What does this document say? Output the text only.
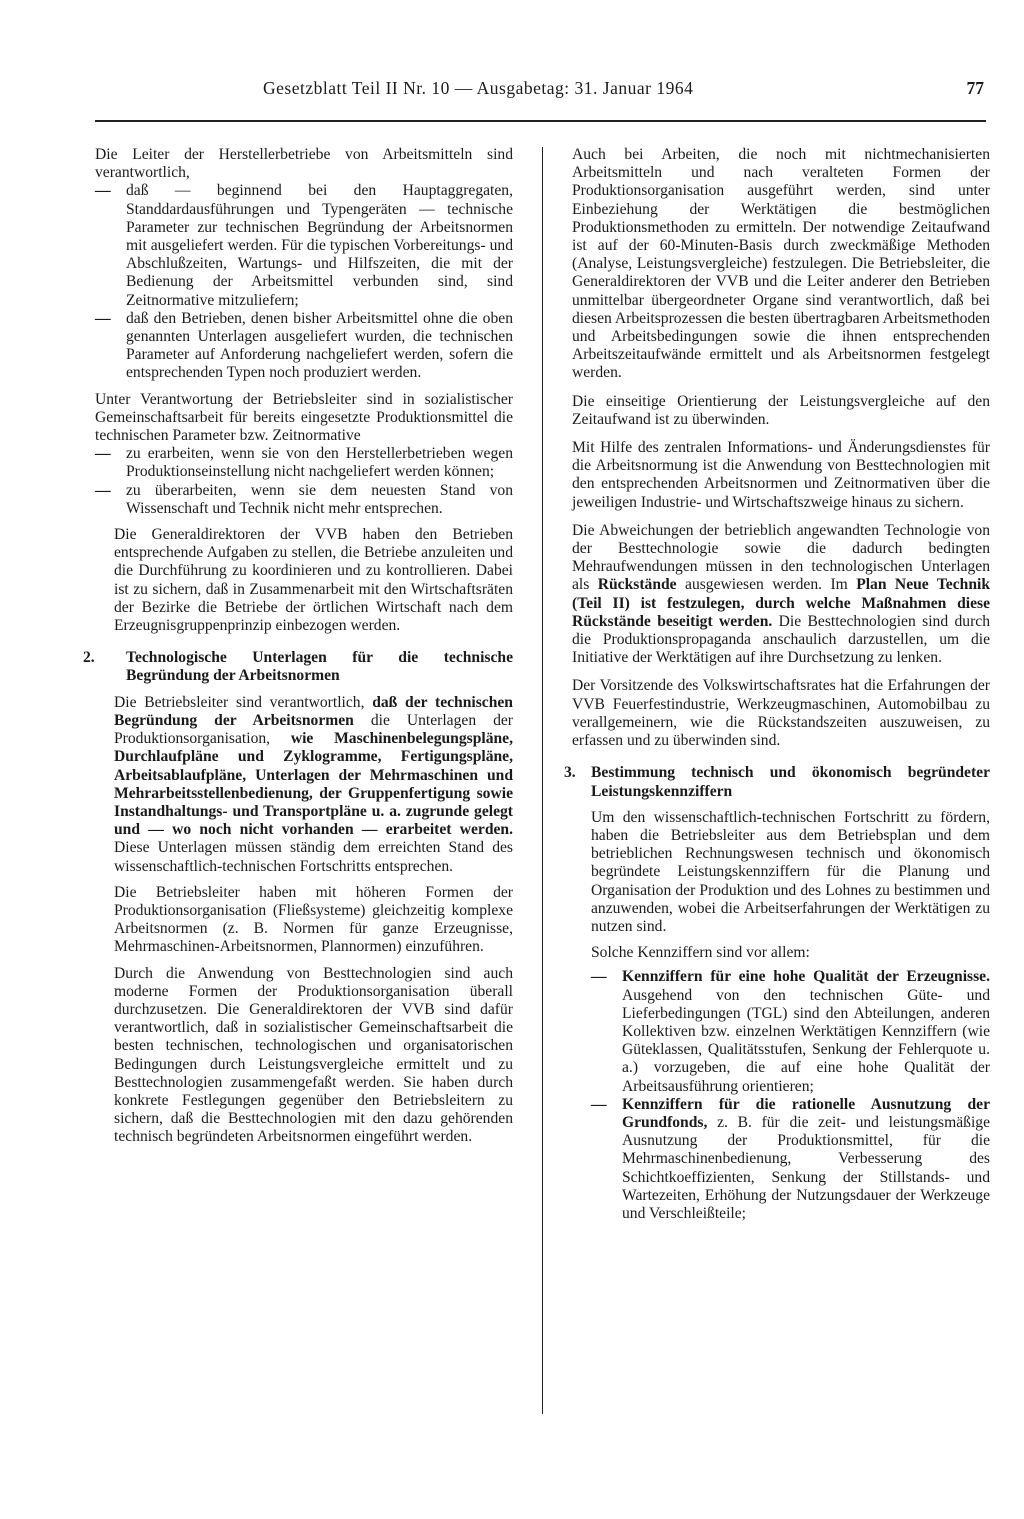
Gesetzblatt Teil II Nr. 10 — Ausgabetag: 31. Januar 1964	77

Die Leiter der Herstellerbetriebe von Arbeitsmitteln sind verantwortlich,

— daß — beginnend bei den Hauptaggregaten, Standdardausführungen und Typengeräten — technische Parameter zur technischen Begründung der Arbeitsnormen mit ausgeliefert werden. Für die typischen Vorbereitungs- und Abschlußzeiten, Wartungs- und Hilfszeiten, die mit der Bedienung der Arbeitsmittel verbunden sind, sind Zeitnormative mitzuliefern;
— daß den Betrieben, denen bisher Arbeitsmittel ohne die oben genannten Unterlagen ausgeliefert wurden, die technischen Parameter auf Anforderung nachgeliefert werden, sofern die entsprechenden Typen noch produziert werden.

Unter Verantwortung der Betriebsleiter sind in sozialistischer Gemeinschaftsarbeit für bereits eingesetzte Produktionsmittel die technischen Parameter bzw. Zeitnormative

— zu erarbeiten, wenn sie von den Herstellerbetrieben wegen Produktionseinstellung nicht nachgeliefert werden können;
— zu überarbeiten, wenn sie dem neuesten Stand von Wissenschaft und Technik nicht mehr entsprechen.

Die Generaldirektoren der VVB haben den Betrieben entsprechende Aufgaben zu stellen, die Betriebe anzuleiten und die Durchführung zu koordinieren und zu kontrollieren. Dabei ist zu sichern, daß in Zusammenarbeit mit den Wirtschaftsräten der Bezirke die Betriebe der örtlichen Wirtschaft nach dem Erzeugnisgruppenprinzip einbezogen werden.

2. Technologische Unterlagen für die technische Begründung der Arbeitsnormen

Die Betriebsleiter sind verantwortlich, daß der technischen Begründung der Arbeitsnormen die Unterlagen der Produktionsorganisation, wie Maschinenbelegungspläne, Durchlaufpläne und Zyklogramme, Fertigungspläne, Arbeitsablaufpläne, Unterlagen der Mehrmaschinen und Mehrarbeitsstellenbedienung, der Gruppenfertigung sowie Instandhaltungs- und Transportpläne u. a. zugrunde gelegt und — wo noch nicht vorhanden — erarbeitet werden. Diese Unterlagen müssen ständig dem erreichten Stand des wissenschaftlich-technischen Fortschritts entsprechen.

Die Betriebsleiter haben mit höheren Formen der Produktionsorganisation (Fließsysteme) gleichzeitig komplexe Arbeitsnormen (z. B. Normen für ganze Erzeugnisse, Mehrmaschinen-Arbeitsnormen, Plannormen) einzuführen.

Durch die Anwendung von Besttechnologien sind auch moderne Formen der Produktionsorganisation überall durchzusetzen. Die Generaldirektoren der VVB sind dafür verantwortlich, daß in sozialistischer Gemeinschaftsarbeit die besten technischen, technologischen und organisatorischen Bedingungen durch Leistungsvergleiche ermittelt und zu Besttechnologien zusammengefaßt werden. Sie haben durch konkrete Festlegungen gegenüber den Betriebsleitern zu sichern, daß die Besttechnologien mit den dazu gehörenden technisch begründeten Arbeitsnormen eingeführt werden.

Auch bei Arbeiten, die noch mit nichtmechanisierten Arbeitsmitteln und nach veralteten Formen der Produktionsorganisation ausgeführt werden, sind unter Einbeziehung der Werktätigen die bestmöglichen Produktionsmethoden zu ermitteln. Der notwendige Zeitaufwand ist auf der 60-Minuten-Basis durch zweckmäßige Methoden (Analyse, Leistungsvergleiche) festzulegen. Die Betriebsleiter, die Generaldirektoren der VVB und die Leiter anderer den Betrieben unmittelbar übergeordneter Organe sind verantwortlich, daß bei diesen Arbeitsprozessen die besten übertragbaren Arbeitsmethoden und Arbeitsbedingungen sowie die ihnen entsprechenden Arbeitszeitaufwände ermittelt und als Arbeitsnormen festgelegt werden.

Die einseitige Orientierung der Leistungsvergleiche auf den Zeitaufwand ist zu überwinden.

Mit Hilfe des zentralen Informations- und Änderungsdienstes für die Arbeitsnormung ist die Anwendung von Besttechnologien mit den entsprechenden Arbeitsnormen und Zeitnormativen über die jeweiligen Industrie- und Wirtschaftszweige hinaus zu sichern.

Die Abweichungen der betrieblich angewandten Technologie von der Besttechnologie sowie die dadurch bedingten Mehraufwendungen müssen in den technologischen Unterlagen als Rückstände ausgewiesen werden. Im Plan Neue Technik (Teil II) ist festzulegen, durch welche Maßnahmen diese Rückstände beseitigt werden. Die Besttechnologien sind durch die Produktionspropaganda anschaulich darzustellen, um die Initiative der Werktätigen auf ihre Durchsetzung zu lenken.

Der Vorsitzende des Volkswirtschaftsrates hat die Erfahrungen der VVB Feuerfestindustrie, Werkzeugmaschinen, Automobilbau zu verallgemeinern, wie die Rückstandszeiten auszuweisen, zu erfassen und zu überwinden sind.

3. Bestimmung technisch und ökonomisch begründeter Leistungskennziffern

Um den wissenschaftlich-technischen Fortschritt zu fördern, haben die Betriebsleiter aus dem Betriebsplan und dem betrieblichen Rechnungswesen technisch und ökonomisch begründete Leistungskennziffern für die Planung und Organisation der Produktion und des Lohnes zu bestimmen und anzuwenden, wobei die Arbeitserfahrungen der Werktätigen zu nutzen sind.

Solche Kennziffern sind vor allem:

— Kennziffern für eine hohe Qualität der Erzeugnisse. Ausgehend von den technischen Güte- und Lieferbedingungen (TGL) sind den Abteilungen, anderen Kollektiven bzw. einzelnen Werktätigen Kennziffern (wie Güteklassen, Qualitätsstufen, Senkung der Fehlerquote u. a.) vorzugeben, die auf eine hohe Qualität der Arbeitsausführung orientieren;
— Kennziffern für die rationelle Ausnutzung der Grundfonds, z. B. für die zeit- und leistungsmäßige Ausnutzung der Produktionsmittel, für die Mehrmaschinenbedienung, Verbesserung des Schichtkoeffizienten, Senkung der Stillstands- und Wartezeiten, Erhöhung der Nutzungsdauer der Werkzeuge und Verschleißteile;
